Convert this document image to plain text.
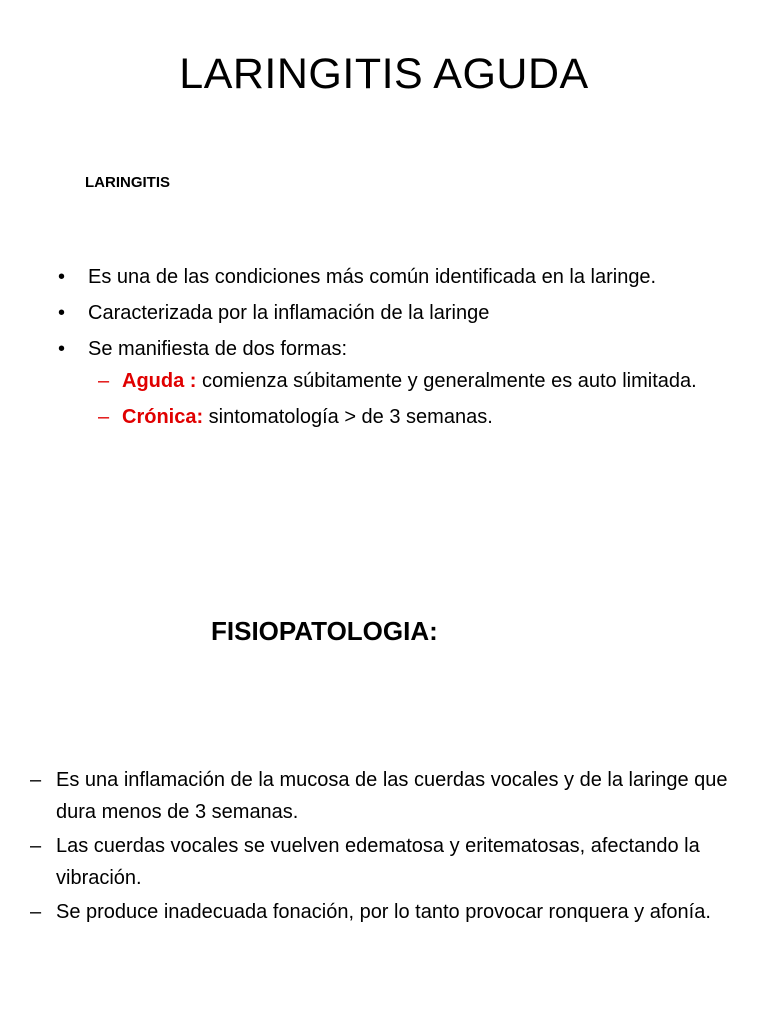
LARINGITIS AGUDA

LARINGITIS

• Es una de las condiciones más común identificada en la laringe.
• Caracterizada por la inflamación de la laringe
• Se manifiesta de dos formas:
– Aguda : comienza súbitamente y generalmente es auto limitada.
– Crónica: sintomatología > de 3 semanas.
FISIOPATOLOGIA:
– Es una inflamación de la mucosa de las cuerdas vocales y de la laringe que dura menos de 3 semanas.
– Las cuerdas vocales se vuelven edematosa y eritematosas, afectando la vibración.
– Se produce inadecuada fonación, por lo tanto provocar ronquera y afonía.
